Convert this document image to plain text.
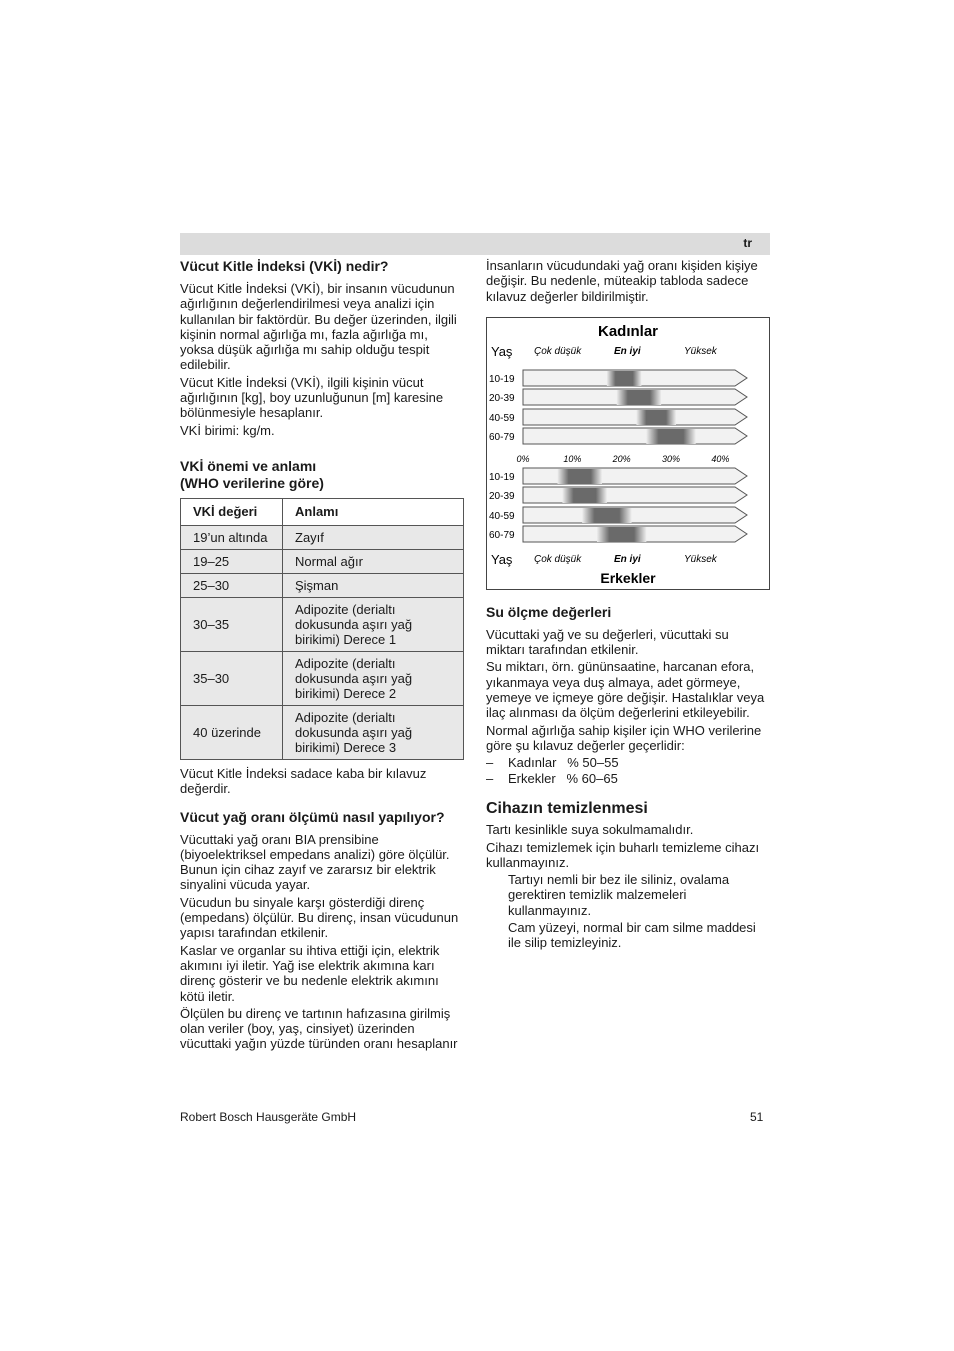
tr
Vücut Kitle İndeksi (VKİ) nedir?

Vücut Kitle İndeksi (VKİ), bir insanın vücudunun ağırlığının değerlendirilmesi veya analizi için kullanılan bir faktördür. Bu değer üzerinden, ilgili kişinin normal ağırlığa mı, fazla ağırlığa mı, yoksa düşük ağırlığa mı sahip olduğu tespit edilebilir.

Vücut Kitle İndeksi (VKİ), ilgili kişinin vücut ağırlığının [kg], boy uzunluğunun [m] karesine bölünmesiyle hesaplanır.

VKİ birimi: kg/m.

VKİ önemi ve anlamı
(WHO verilerine göre)
VKİ değeri	Anlamı
19’un altında	Zayıf
19–25	Normal ağır
25–30	Şişman
30–35	Adipozite (derialtı dokusunda aşırı yağ birikimi) Derece 1
35–30	Adipozite (derialtı dokusunda aşırı yağ birikimi) Derece 2
40 üzerinde	Adipozite (derialtı dokusunda aşırı yağ birikimi) Derece 3

Vücut Kitle İndeksi sadace kaba bir kılavuz değerdir.

Vücut yağ oranı ölçümü nasıl yapılıyor?

Vücuttaki yağ oranı BIA prensibine (biyoelektriksel empedans analizi) göre ölçülür. Bunun için cihaz zayıf ve zararsız bir elektrik sinyalini vücuda yayar.

Vücudun bu sinyale karşı gösterdiği direnç (empedans) ölçülür. Bu direnç, insan vücudunun yapısı tarafından etkilenir.

Kaslar ve organlar su ihtiva ettiği için, elektrik akımını iyi iletir. Yağ ise elektrik akımına karı direnç gösterir ve bu nedenle elektrik akımını kötü iletir.

Ölçülen bu direnç ve tartının hafızasına girilmiş olan veriler (boy, yaş, cinsiyet) üzerinden vücuttaki yağın yüzde türünden oranı hesaplanır

İnsanların vücudundaki yağ oranı kişiden kişiye değişir. Bu nedenle, müteakip tabloda sadece kılavuz değerler bildirilmiştir.

Kadınlar
Erkekler
Yaş Çok düşük	En iyi	Yüksek
Yaş Çok düşük	En iyi	Yüksek
0%	10%	20%	30%	40%
10-19
20-39
40-59
60-79
10-19
20-39
40-59
60-79
Su ölçme değerleri

Vücuttaki yağ ve su değerleri, vücuttaki su miktarı tarafından etkilenir.

Su miktarı, örn. gününsaatine, harcanan efora, yıkanmaya veya duş almaya, adet görmeye, yemeye ve içmeye göre değişir. Hastalıklar veya ilaç alınması da ölçüm değerlerini etkileyebilir.

Normal ağırlığa sahip kişiler için WHO verilerine göre şu kılavuz değerler geçerlidir:

– Kadınlar   % 50–55
– Erkekler   % 60–65
Cihazın temizlenmesi

Tartı kesinlikle suya sokulmamalıdır.

Cihazı temizlemek için buharlı temizleme cihazı kullanmayınız.

Tartıyı nemli bir bez ile siliniz, ovalama gerektiren temizlik malzemeleri kullanmayınız.

Cam yüzeyi, normal bir cam silme maddesi ile silip temizleyiniz.

Robert Bosch Hausgeräte GmbH	51
